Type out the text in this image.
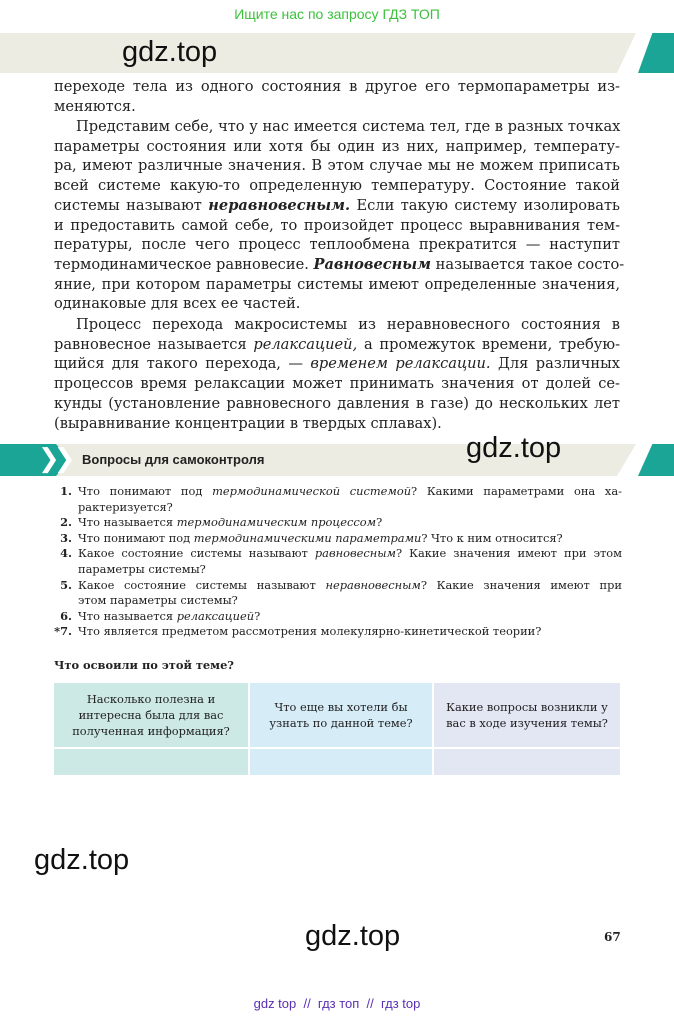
Ищите нас по запросу ГДЗ ТОП
gdz.top
переходе тела из одного состояния в другое его термопараметры из-
меняются.
Представим себе, что у нас имеется система тел, где в разных точках
параметры состояния или хотя бы один из них, например, температу-
ра, имеют различные значения. В этом случае мы не можем приписать
всей системе какую-то определенную температуру. Состояние такой
системы называют неравновесным. Если такую систему изолировать
и предоставить самой себе, то произойдет процесс выравнивания тем-
пературы, после чего процесс теплообмена прекратится — наступит
термодинамическое равновесие. Равновесным называется такое состо-
яние, при котором параметры системы имеют определенные значения,
одинаковые для всех ее частей.
Процесс перехода макросистемы из неравновесного состояния в
равновесное называется релаксацией, а промежуток времени, требую-
щийся для такого перехода, — временем релаксации. Для различных
процессов время релаксации может принимать значения от долей се-
кунды (установление равновесного давления в газе) до нескольких лет
(выравнивание концентрации в твердых сплавах).
❯❯ Вопросы для самоконтроля	gdz.top
1. Что понимают под термодинамической системой? Какими параметрами она ха-
рактеризуется?
2. Что называется термодинамическим процессом?
3. Что понимают под термодинамическими параметрами? Что к ним относится?
4. Какое состояние системы называют равновесным? Какие значения имеют при этом
параметры системы?
5. Какое состояние системы называют неравновесным? Какие значения имеют при
этом параметры системы?
6. Что называется релаксацией?
*7. Что является предметом рассмотрения молекулярно-кинетической теории?
Что освоили по этой теме?
Насколько полезна и интересна была для вас полученная информация?	Что еще вы хотели бы узнать по данной теме?	Какие вопросы возникли у вас в ходе изучения темы?

gdz.top
gdz.top	67
gdz top  //  гдз топ  //  гдз top
